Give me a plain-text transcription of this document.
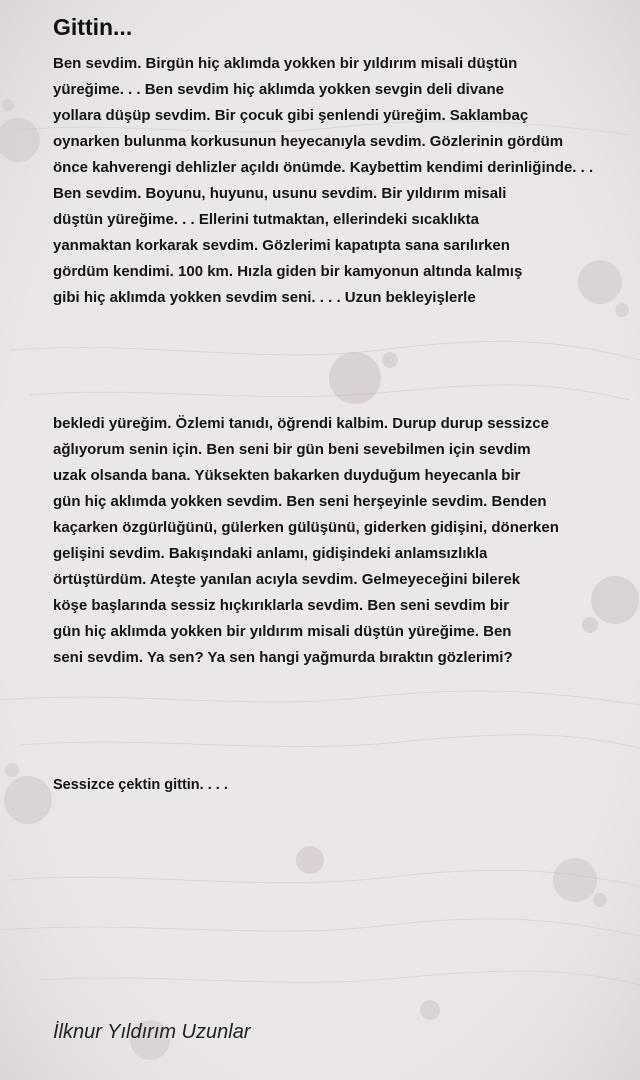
Gittin...
Ben sevdim. Birgün hiç aklımda yokken bir yıldırım misali düştün
yüreğime. . . Ben sevdim hiç aklımda yokken sevgin deli divane
yollara düşüp sevdim. Bir çocuk gibi şenlendi yüreğim. Saklambaç
oynarken bulunma korkusunun heyecanıyla sevdim. Gözlerinin gördüm
önce kahverengi dehlizler açıldı önümde. Kaybettim kendimi derinliğinde. . .
Ben sevdim. Boyunu, huyunu, usunu sevdim. Bir yıldırım misali
düştün yüreğime. . . Ellerini tutmaktan, ellerindeki sıcaklıkta
yanmaktan korkarak sevdim. Gözlerimi kapatıpta sana sarılırken
gördüm kendimi. 100 km. Hızla giden bir kamyonun altında kalmış
gibi hiç aklımda yokken sevdim seni. . . . Uzun bekleyişlerle
bekledi yüreğim. Özlemi tanıdı, öğrendi kalbim. Durup durup sessizce
ağlıyorum senin için. Ben seni bir gün beni sevebilmen için sevdim
uzak olsanda bana. Yüksekten bakarken duyduğum heyecanla bir
gün hiç aklımda yokken sevdim. Ben seni herşeyinle sevdim. Benden
kaçarken özgürlüğünü, gülerken gülüşünü, giderken gidişini, dönerken
gelişini sevdim. Bakışındaki anlamı, gidişindeki anlamsızlıkla
örtüştürdüm. Ateşte yanılan acıyla sevdim. Gelmeyeceğini bilerek
köşe başlarında sessiz hıçkırıklarla sevdim. Ben seni sevdim bir
gün hiç aklımda yokken bir yıldırım misali düştün yüreğime. Ben
seni sevdim. Ya sen? Ya sen hangi yağmurda bıraktın gözlerimi?
Sessizce çektin gittin. . . .

İlknur Yıldırım Uzunlar
